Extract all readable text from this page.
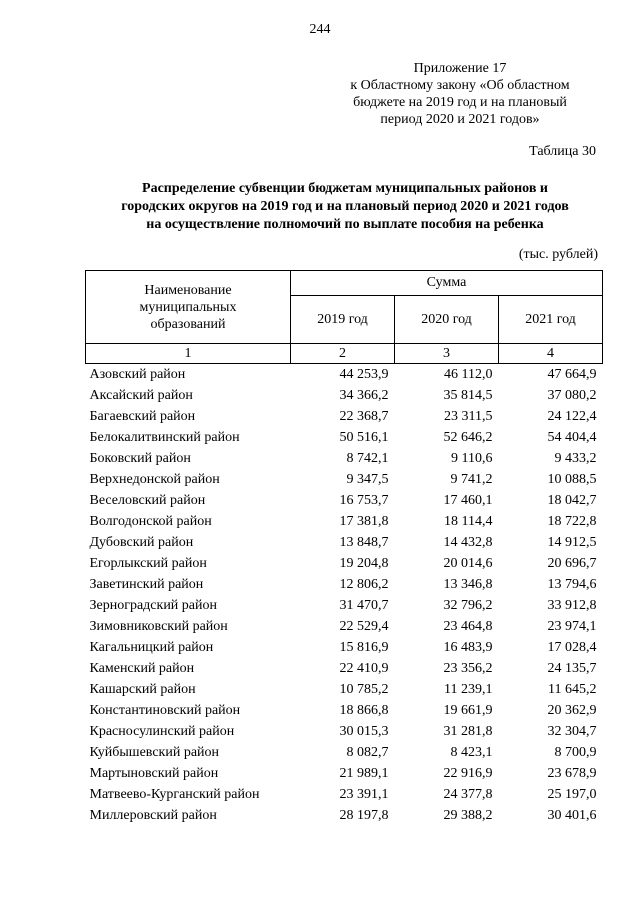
244
Приложение 17
к Областному закону «Об областном
бюджете на 2019 год и на плановый
период 2020 и 2021 годов»
Таблица 30
Распределение субвенции бюджетам муниципальных районов и
городских округов на 2019 год и на плановый период 2020 и 2021 годов
на осуществление полномочий по выплате пособия на ребенка
(тыс. рублей)
Наименование
муниципальных
образований	Сумма		
	2019 год	2020 год	2021 год
1	2	3	4
Азовский район	44 253,9	46 112,0	47 664,9
Аксайский район	34 366,2	35 814,5	37 080,2
Багаевский район	22 368,7	23 311,5	24 122,4
Белокалитвинский район	50 516,1	52 646,2	54 404,4
Боковский район	8 742,1	9 110,6	9 433,2
Верхнедонской район	9 347,5	9 741,2	10 088,5
Веселовский район	16 753,7	17 460,1	18 042,7
Волгодонской район	17 381,8	18 114,4	18 722,8
Дубовский район	13 848,7	14 432,8	14 912,5
Егорлыкский район	19 204,8	20 014,6	20 696,7
Заветинский район	12 806,2	13 346,8	13 794,6
Зерноградский район	31 470,7	32 796,2	33 912,8
Зимовниковский район	22 529,4	23 464,8	23 974,1
Кагальницкий район	15 816,9	16 483,9	17 028,4
Каменский район	22 410,9	23 356,2	24 135,7
Кашарский район	10 785,2	11 239,1	11 645,2
Константиновский район	18 866,8	19 661,9	20 362,9
Красносулинский район	30 015,3	31 281,8	32 304,7
Куйбышевский район	8 082,7	8 423,1	8 700,9
Мартыновский район	21 989,1	22 916,9	23 678,9
Матвеево-Курганский район	23 391,1	24 377,8	25 197,0
Миллеровский район	28 197,8	29 388,2	30 401,6
